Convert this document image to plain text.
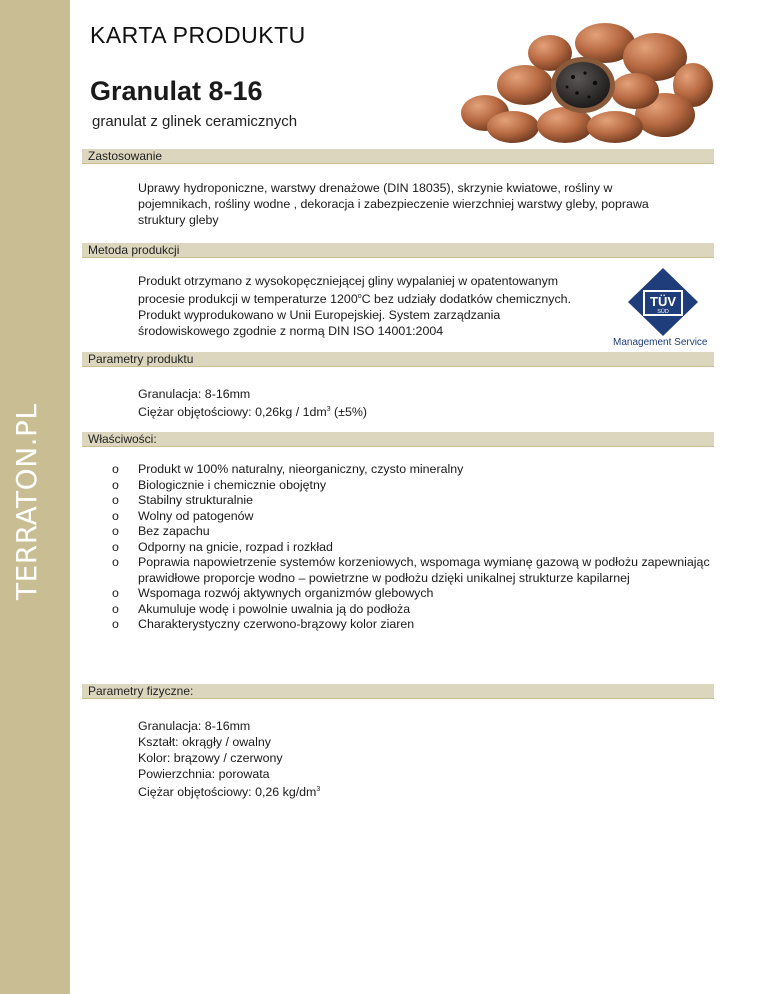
TERRATON.PL
KARTA PRODUKTU
Granulat 8-16
granulat z glinek ceramicznych
Zastosowanie
Uprawy hydroponiczne, warstwy drenażowe (DIN 18035), skrzynie kwiatowe, rośliny w
pojemnikach, rośliny wodne , dekoracja i zabezpieczenie wierzchniej warstwy gleby, poprawa
struktury gleby
Metoda produkcji
Produkt otrzymano z wysokopęczniejącej gliny wypalaniej w opatentowanym
procesie produkcji w temperaturze 1200$^o$C bez udziały dodatków chemicznych.
Produkt wyprodukowano w Unii Europejskiej. System zarządzania
środowiskowego zgodnie z normą DIN ISO 14001:2004
TÜV
SÜD
Management Service
Parametry produktu
Granulacja: 8-16mm
Ciężar objętościowy: $0,26kg / 1dm^3$ (±5%)
Właściwości:
o Produkt w 100% naturalny, nieorganiczny, czysto mineralny
o Biologicznie i chemicznie obojętny
o Stabilny strukturalnie
o Wolny od patogenów
o Bez zapachu
o Odporny na gnicie, rozpad i rozkład
o Poprawia napowietrzenie systemów korzeniowych, wspomaga wymianę gazową w podłożu zapewniając prawidłowe proporcje wodno – powietrzne w podłożu dzięki unikalnej strukturze kapilarnej
o Wspomaga rozwój aktywnych organizmów glebowych
o Akumuluje wodę i powolnie uwalnia ją do podłoża
o Charakterystyczny czerwono-brązowy kolor ziaren
Parametry fizyczne:
Granulacja: 8-16mm
Kształt: okrągły / owalny
Kolor: brązowy / czerwony
Powierzchnia: porowata
Ciężar objętościowy: 0,26 $kg/dm^3$
